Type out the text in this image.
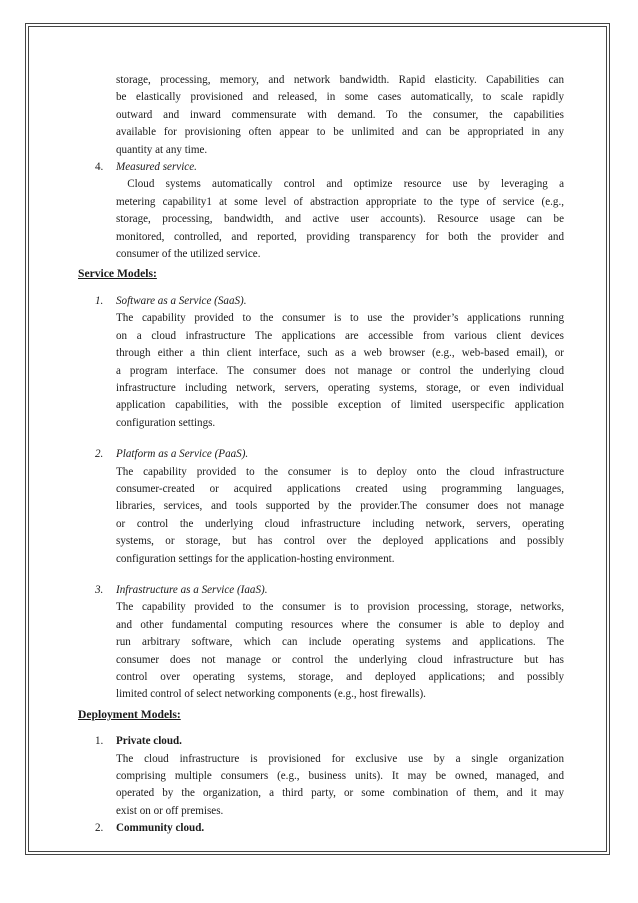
storage, processing, memory, and network bandwidth. Rapid elasticity. Capabilities can
be elastically provisioned and released, in some cases automatically, to scale rapidly
outward and inward commensurate with demand. To the consumer, the capabilities
available for provisioning often appear to be unlimited and can be appropriated in any
quantity at any time.
4. Measured service.
Cloud systems automatically control and optimize resource use by leveraging a
metering capability1 at some level of abstraction appropriate to the type of service (e.g.,
storage, processing, bandwidth, and active user accounts). Resource usage can be
monitored, controlled, and reported, providing transparency for both the provider and
consumer of the utilized service.
Service Models:
1. Software as a Service (SaaS).
The capability provided to the consumer is to use the provider’s applications running
on a cloud infrastructure The applications are accessible from various client devices
through either a thin client interface, such as a web browser (e.g., web-based email), or
a program interface. The consumer does not manage or control the underlying cloud
infrastructure including network, servers, operating systems, storage, or even individual
application capabilities, with the possible exception of limited userspecific application
configuration settings.
2. Platform as a Service (PaaS).
The capability provided to the consumer is to deploy onto the cloud infrastructure
consumer-created or acquired applications created using programming languages,
libraries, services, and tools supported by the provider.The consumer does not manage
or control the underlying cloud infrastructure including network, servers, operating
systems, or storage, but has control over the deployed applications and possibly
configuration settings for the application-hosting environment.
3. Infrastructure as a Service (IaaS).
The capability provided to the consumer is to provision processing, storage, networks,
and other fundamental computing resources where the consumer is able to deploy and
run arbitrary software, which can include operating systems and applications. The
consumer does not manage or control the underlying cloud infrastructure but has
control over operating systems, storage, and deployed applications; and possibly
limited control of select networking components (e.g., host firewalls).
Deployment Models:
1. Private cloud.
The cloud infrastructure is provisioned for exclusive use by a single organization
comprising multiple consumers (e.g., business units). It may be owned, managed, and
operated by the organization, a third party, or some combination of them, and it may
exist on or off premises.
2. Community cloud.
